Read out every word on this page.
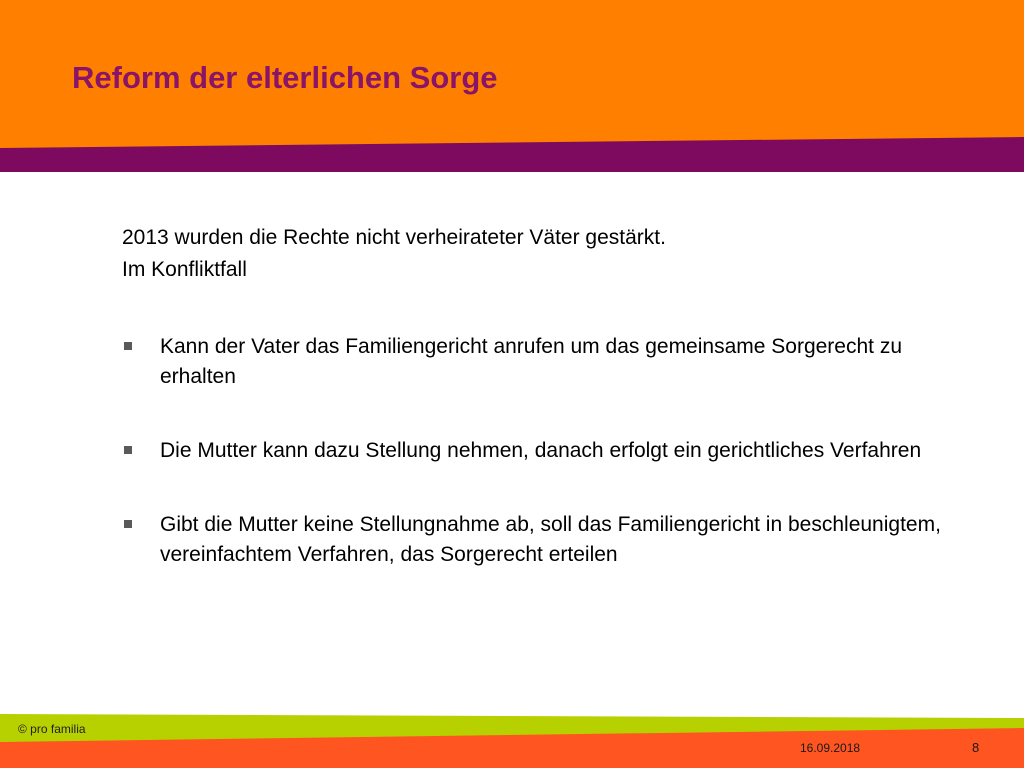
Reform der elterlichen Sorge

2013 wurden die Rechte nicht verheirateter Väter gestärkt.

Im Konfliktfall

Kann der Vater das Familiengericht anrufen um das gemeinsame Sorgerecht zu erhalten
Die Mutter kann dazu Stellung nehmen, danach erfolgt ein gerichtliches Verfahren
Gibt die Mutter keine Stellungnahme ab, soll das Familiengericht in beschleunigtem, vereinfachtem Verfahren, das Sorgerecht erteilen
© pro familia
16.09.2018	8
